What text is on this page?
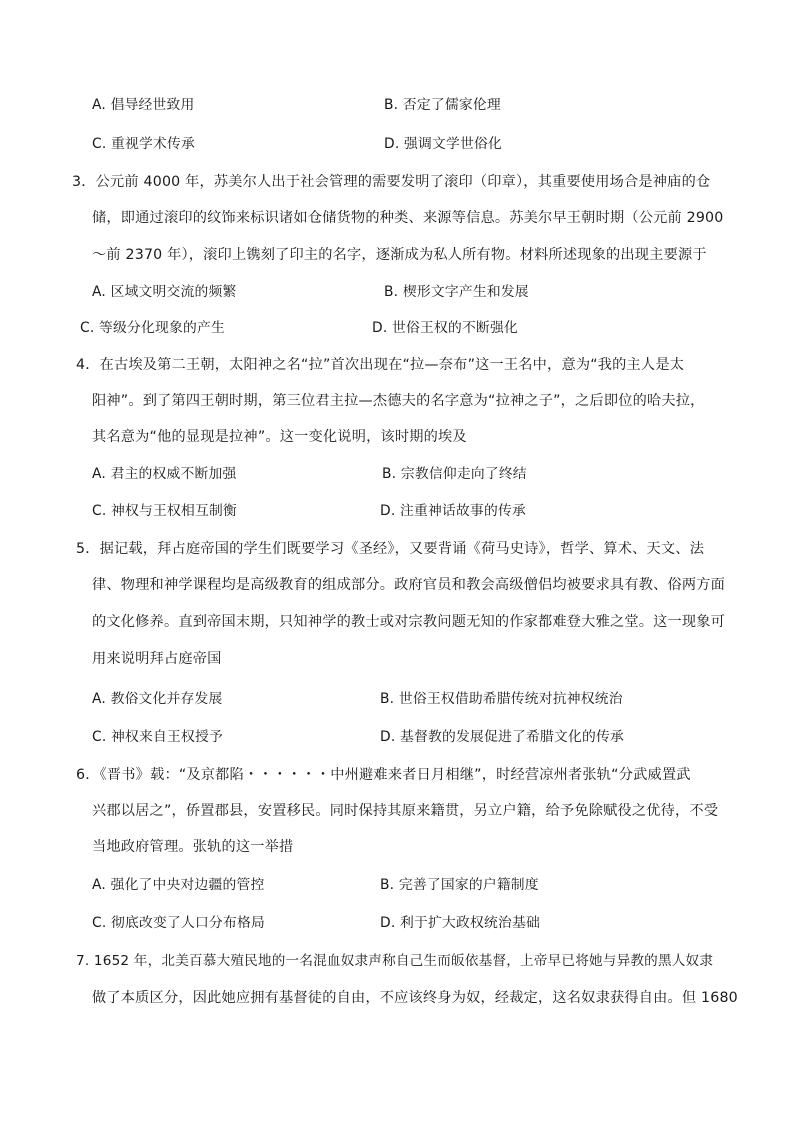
A. 倡导经世致用	B. 否定了儒家伦理
C. 重视学术传承	D. 强调文学世俗化
3．公元前 4000 年，苏美尔人出于社会管理的需要发明了滚印（印章），其重要使用场合是神庙的仓
储，即通过滚印的纹饰来标识诸如仓储货物的种类、来源等信息。苏美尔早王朝时期（公元前 2900
～前 2370 年），滚印上镌刻了印主的名字，逐渐成为私人所有物。材料所述现象的出现主要源于
A. 区域文明交流的频繁	B. 楔形文字产生和发展
C. 等级分化现象的产生	D. 世俗王权的不断强化
4．在古埃及第二王朝，太阳神之名“拉”首次出现在“拉—奈布”这一王名中，意为“我的主人是太
阳神”。到了第四王朝时期，第三位君主拉—杰德夫的名字意为“拉神之子”，之后即位的哈夫拉，
其名意为“他的显现是拉神”。这一变化说明，该时期的埃及
A. 君主的权威不断加强	B. 宗教信仰走向了终结
C. 神权与王权相互制衡	D. 注重神话故事的传承
5．据记载，拜占庭帝国的学生们既要学习《圣经》，又要背诵《荷马史诗》，哲学、算术、天文、法
律、物理和神学课程均是高级教育的组成部分。政府官员和教会高级僧侣均被要求具有教、俗两方面
的文化修养。直到帝国末期，只知神学的教士或对宗教问题无知的作家都难登大雅之堂。这一现象可
用来说明拜占庭帝国
A. 教俗文化并存发展	B. 世俗王权借助希腊传统对抗神权统治
C. 神权来自王权授予	D. 基督教的发展促进了希腊文化的传承
6．《晋书》载：“及京都陷・・・・・・中州避难来者日月相继”，时经营凉州者张轨“分武威置武
兴郡以居之”，侨置郡县，安置移民。同时保持其原来籍贯，另立户籍，给予免除赋役之优待，不受
当地政府管理。张轨的这一举措
A. 强化了中央对边疆的管控	B. 完善了国家的户籍制度
C. 彻底改变了人口分布格局	D. 利于扩大政权统治基础
7. 1652 年，北美百慕大殖民地的一名混血奴隶声称自己生而皈依基督，上帝早已将她与异教的黑人奴隶
做了本质区分，因此她应拥有基督徒的自由，不应该终身为奴，经裁定，这名奴隶获得自由。但 1680
